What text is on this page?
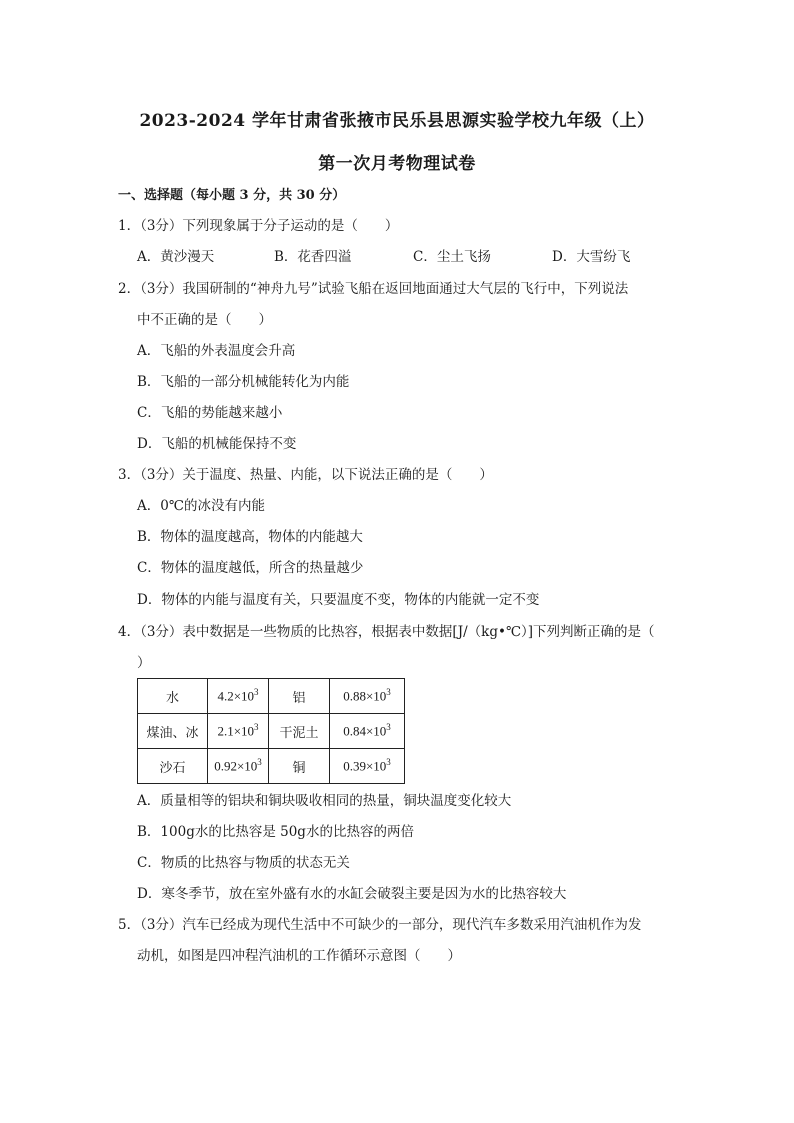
2023-2024 学年甘肃省张掖市民乐县思源实验学校九年级（上）
第一次月考物理试卷
一、选择题（每小题 3 分，共 30 分）
1．（3分）下列现象属于分子运动的是（　　）
A．黄沙漫天	B．花香四溢	C．尘土飞扬	D．大雪纷飞
2．（3分）我国研制的“神舟九号”试验飞船在返回地面通过大气层的飞行中，下列说法
中不正确的是（　　）
A．飞船的外表温度会升高
B．飞船的一部分机械能转化为内能
C．飞船的势能越来越小
D．飞船的机械能保持不变
3．（3分）关于温度、热量、内能，以下说法正确的是（　　）
A．0℃的冰没有内能
B．物体的温度越高，物体的内能越大
C．物体的温度越低，所含的热量越少
D．物体的内能与温度有关，只要温度不变，物体的内能就一定不变
4．（3分）表中数据是一些物质的比热容，根据表中数据[J/（kg•℃）]下列判断正确的是（
）
水	$4.2\times 10^3$	铝	$0.88\times 10^3$
煤油、冰	$2.1\times 10^3$	干泥土	$0.84\times 10^3$
沙石	$0.92\times 10^3$	铜	$0.39\times 10^3$
A．质量相等的铝块和铜块吸收相同的热量，铜块温度变化较大
B．100g水的比热容是 50g水的比热容的两倍
C．物质的比热容与物质的状态无关
D．寒冬季节，放在室外盛有水的水缸会破裂主要是因为水的比热容较大
5．（3分）汽车已经成为现代生活中不可缺少的一部分，现代汽车多数采用汽油机作为发
动机，如图是四冲程汽油机的工作循环示意图（　　）
